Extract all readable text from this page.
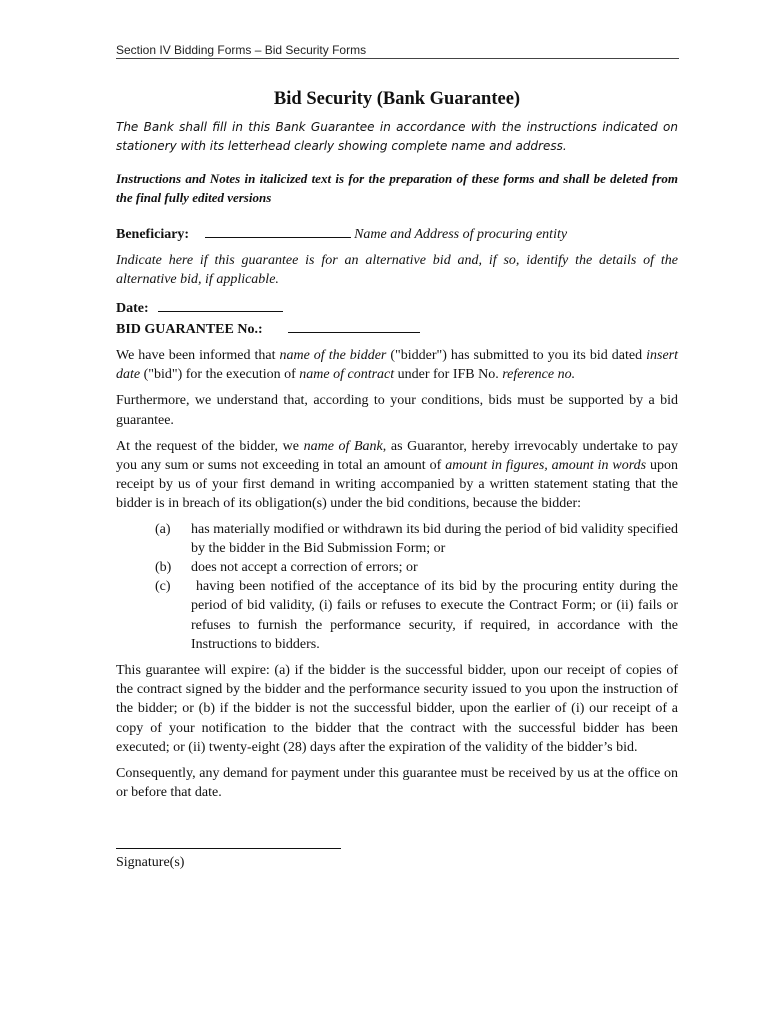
Section IV Bidding Forms – Bid Security Forms
Bid Security (Bank Guarantee)

The Bank shall fill in this Bank Guarantee in accordance with the instructions indicated on stationery with its letterhead clearly showing complete name and address.

Instructions and Notes in italicized text is for the preparation of these forms and shall be deleted from the final fully edited versions

Beneficiary:	Name and Address of procuring entity

Indicate here if this guarantee is for an alternative bid and, if so, identify the details of the alternative bid, if applicable.

Date:

BID GUARANTEE No.:

We have been informed that name of the bidder ("bidder") has submitted to you its bid dated insert date ("bid") for the execution of name of contract under for IFB No. reference no.

Furthermore, we understand that, according to your conditions, bids must be supported by a bid guarantee.

At the request of the bidder, we name of Bank, as Guarantor, hereby irrevocably undertake to pay you any sum or sums not exceeding in total an amount of amount in figures, amount in words upon receipt by us of your first demand in writing accompanied by a written statement stating that the bidder is in breach of its obligation(s) under the bid conditions, because the bidder:

(a)	has materially modified or withdrawn its bid during the period of bid validity specified by the bidder in the Bid Submission Form; or
(b)	does not accept a correction of errors; or
(c)	having been notified of the acceptance of its bid by the procuring entity during the period of bid validity, (i) fails or refuses to execute the Contract Form; or (ii) fails or refuses to furnish the performance security, if required, in accordance with the Instructions to bidders.

This guarantee will expire: (a) if the bidder is the successful bidder, upon our receipt of copies of the contract signed by the bidder and the performance security issued to you upon the instruction of the bidder; or (b) if the bidder is not the successful bidder, upon the earlier of (i) our receipt of a copy of your notification to the bidder that the contract with the successful bidder has been executed; or (ii) twenty-eight (28) days after the expiration of the validity of the bidder’s bid.

Consequently, any demand for payment under this guarantee must be received by us at the office on or before that date.

Signature(s)
